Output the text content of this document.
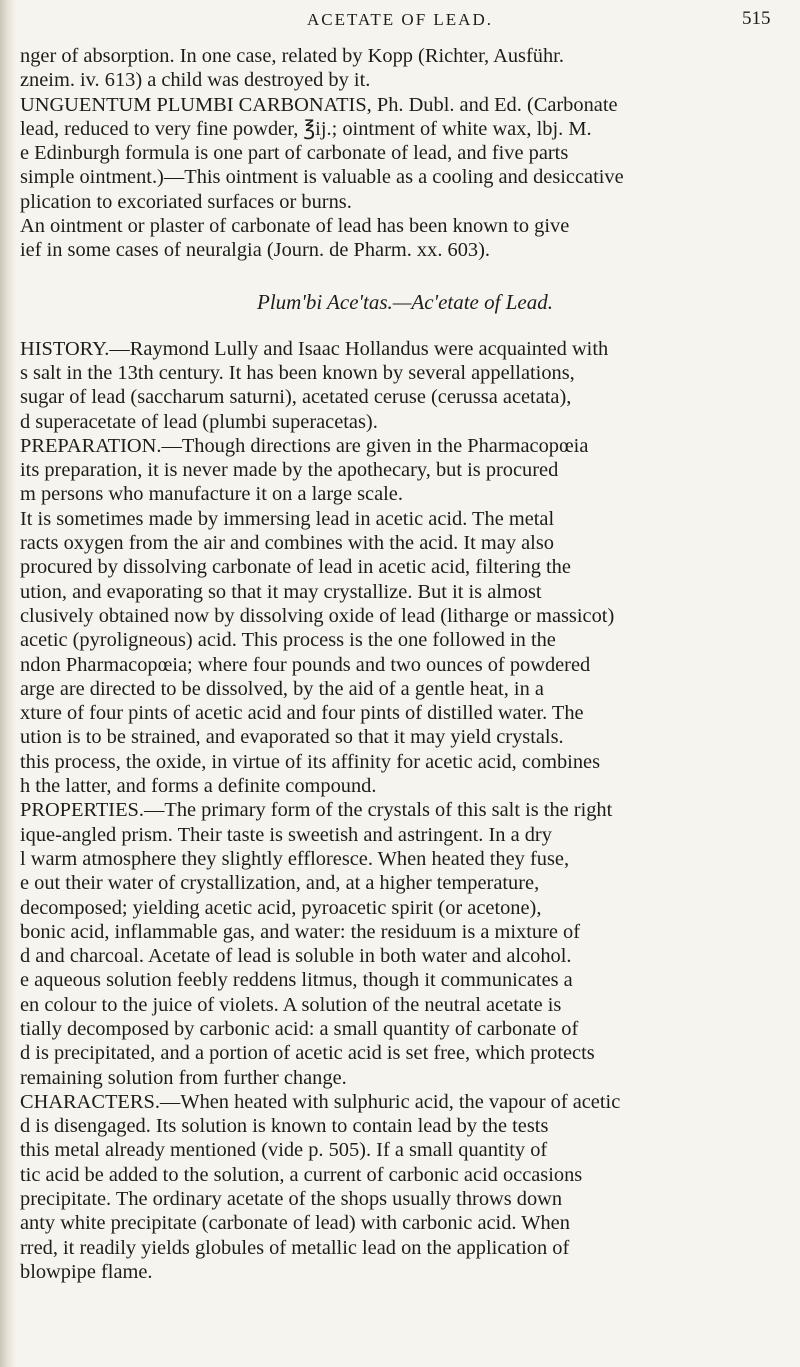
ACETATE OF LEAD.	515
nger of absorption. In one case, related by Kopp (Richter, Ausführ.
zneim. iv. 613) a child was destroyed by it.
UNGUENTUM PLUMBI CARBONATIS, Ph. Dubl. and Ed. (Carbonate
lead, reduced to very fine powder, ℥ij.; ointment of white wax, lbj. M.
e Edinburgh formula is one part of carbonate of lead, and five parts
simple ointment.)—This ointment is valuable as a cooling and desiccative
plication to excoriated surfaces or burns.
An ointment or plaster of carbonate of lead has been known to give
ief in some cases of neuralgia (Journ. de Pharm. xx. 603).
Plum'bi Ace'tas.—Ac'etate of Lead.
HISTORY.—Raymond Lully and Isaac Hollandus were acquainted with
s salt in the 13th century. It has been known by several appellations,
sugar of lead (saccharum saturni), acetated ceruse (cerussa acetata),
d superacetate of lead (plumbi superacetas).
PREPARATION.—Though directions are given in the Pharmacopœia
its preparation, it is never made by the apothecary, but is procured
m persons who manufacture it on a large scale.
It is sometimes made by immersing lead in acetic acid. The metal
racts oxygen from the air and combines with the acid. It may also
procured by dissolving carbonate of lead in acetic acid, filtering the
ution, and evaporating so that it may crystallize. But it is almost
clusively obtained now by dissolving oxide of lead (litharge or massicot)
acetic (pyroligneous) acid. This process is the one followed in the
ndon Pharmacopœia; where four pounds and two ounces of powdered
arge are directed to be dissolved, by the aid of a gentle heat, in a
xture of four pints of acetic acid and four pints of distilled water. The
ution is to be strained, and evaporated so that it may yield crystals.
this process, the oxide, in virtue of its affinity for acetic acid, combines
h the latter, and forms a definite compound.
PROPERTIES.—The primary form of the crystals of this salt is the right
ique-angled prism. Their taste is sweetish and astringent. In a dry
l warm atmosphere they slightly effloresce. When heated they fuse,
e out their water of crystallization, and, at a higher temperature,
decomposed; yielding acetic acid, pyroacetic spirit (or acetone),
bonic acid, inflammable gas, and water: the residuum is a mixture of
d and charcoal. Acetate of lead is soluble in both water and alcohol.
e aqueous solution feebly reddens litmus, though it communicates a
en colour to the juice of violets. A solution of the neutral acetate is
tially decomposed by carbonic acid: a small quantity of carbonate of
d is precipitated, and a portion of acetic acid is set free, which protects
remaining solution from further change.
CHARACTERS.—When heated with sulphuric acid, the vapour of acetic
d is disengaged. Its solution is known to contain lead by the tests
this metal already mentioned (vide p. 505). If a small quantity of
tic acid be added to the solution, a current of carbonic acid occasions
precipitate. The ordinary acetate of the shops usually throws down
anty white precipitate (carbonate of lead) with carbonic acid. When
rred, it readily yields globules of metallic lead on the application of
blowpipe flame.
